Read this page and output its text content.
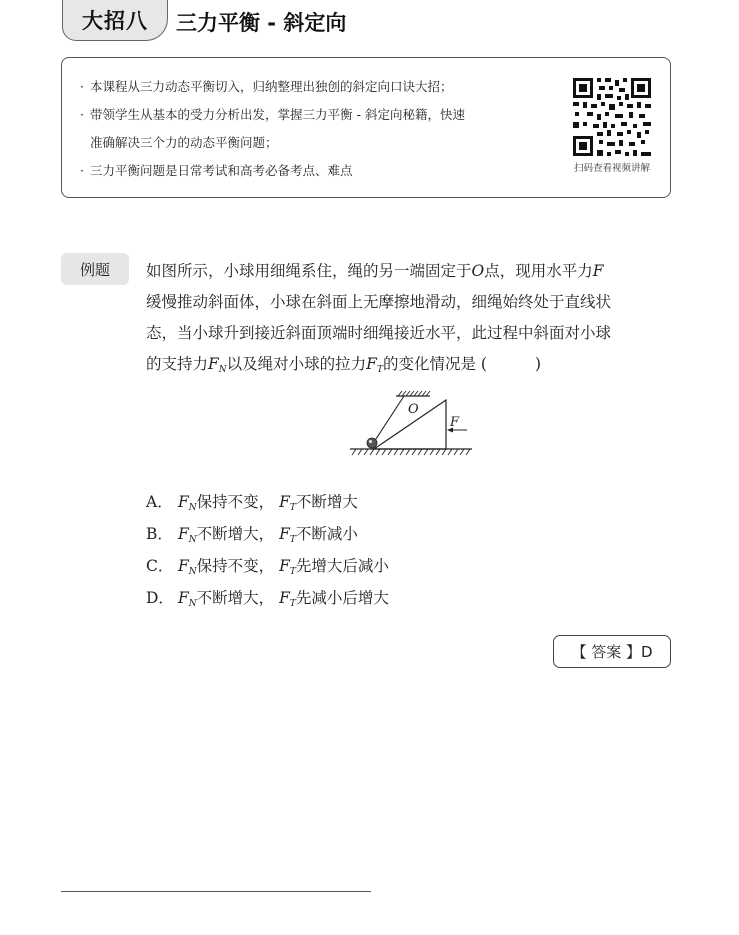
大招八 三力平衡 - 斜定向
· 本课程从三力动态平衡切入，归纳整理出独创的斜定向口诀大招；
· 带领学生从基本的受力分析出发，掌握三力平衡 - 斜定向秘籍，快速
准确解决三个力的动态平衡问题；
· 三力平衡问题是日常考试和高考必备考点、难点	扫码查看视频讲解
例题	如图所示，小球用细绳系住，绳的另一端固定于O点，现用水平力F
缓慢推动斜面体，小球在斜面上无摩擦地滑动，细绳始终处于直线状
态，当小球升到接近斜面顶端时细绳接近水平，此过程中斜面对小球
的支持力$F_N$以及绳对小球的拉力$F_T$的变化情况是 (	)
O
F
A． $F_N$保持不变， $F_T$不断增大
B． $F_N$不断增大， $F_T$不断减小
C． $F_N$保持不变， $F_T$先增大后减小
D． $F_N$不断增大， $F_T$先减小后增大
【 答案 】D
